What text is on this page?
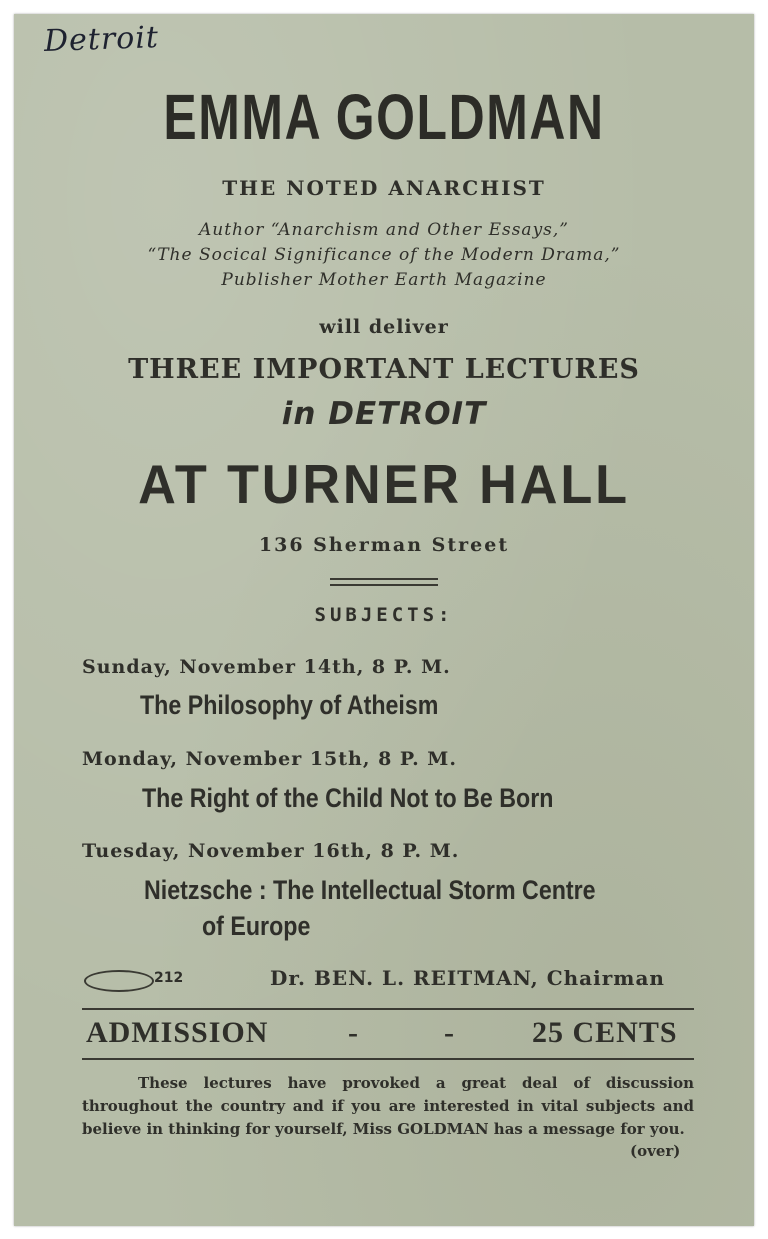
Detroit
EMMA GOLDMAN
THE NOTED ANARCHIST
Author “Anarchism and Other Essays,”
“The Socical Significance of the Modern Drama,”
Publisher Mother Earth Magazine
will deliver
THREE IMPORTANT LECTURES
in DETROIT
AT TURNER HALL
136 Sherman Street
SUBJECTS:
Sunday, November 14th, 8 P. M.
The Philosophy of Atheism
Monday, November 15th, 8 P. M.
The Right of the Child Not to Be Born
Tuesday, November 16th, 8 P. M.
Nietzsche : The Intellectual Storm Centre
of Europe
212	Dr. BEN. L. REITMAN, Chairman
ADMISSION	-          -	25 CENTS
These lectures have provoked a great deal of discussion throughout the country and if you are interested in vital subjects and believe in thinking for yourself, Miss GOLDMAN has a message for you.
(over)
